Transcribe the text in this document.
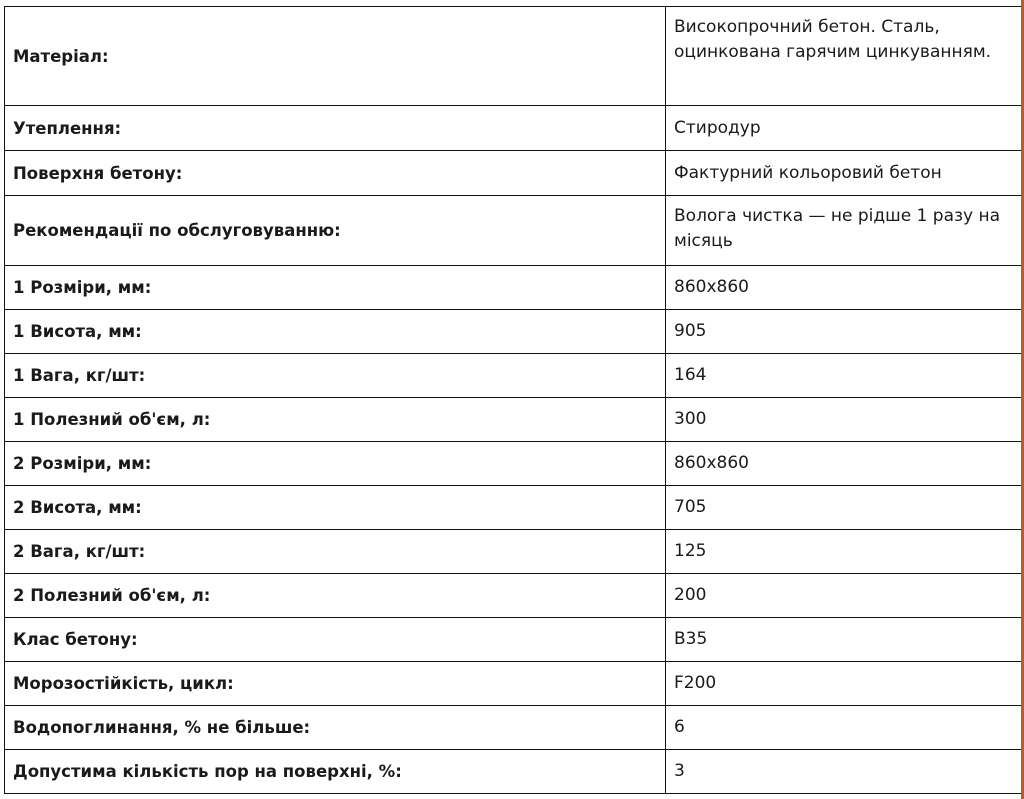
Матеріал:	Високопрочний бетон. Сталь, оцинкована гарячим цинкуванням.
Утеплення:	Стиродур
Поверхня бетону:	Фактурний кольоровий бетон
Рекомендації по обслуговуванню:	Вологa чистка — не рідше 1 разу на місяць
1 Розміри, мм:	860х860
1 Висота, мм:	905
1 Вага, кг/шт:	164
1 Полезний об'єм, л:	300
2 Розміри, мм:	860х860
2 Висота, мм:	705
2 Вага, кг/шт:	125
2 Полезний об'єм, л:	200
Клас бетону:	B35
Морозостійкість, цикл:	F200
Водопоглинання, % не більше:	6
Допустима кількість пор на поверхні, %:	3
